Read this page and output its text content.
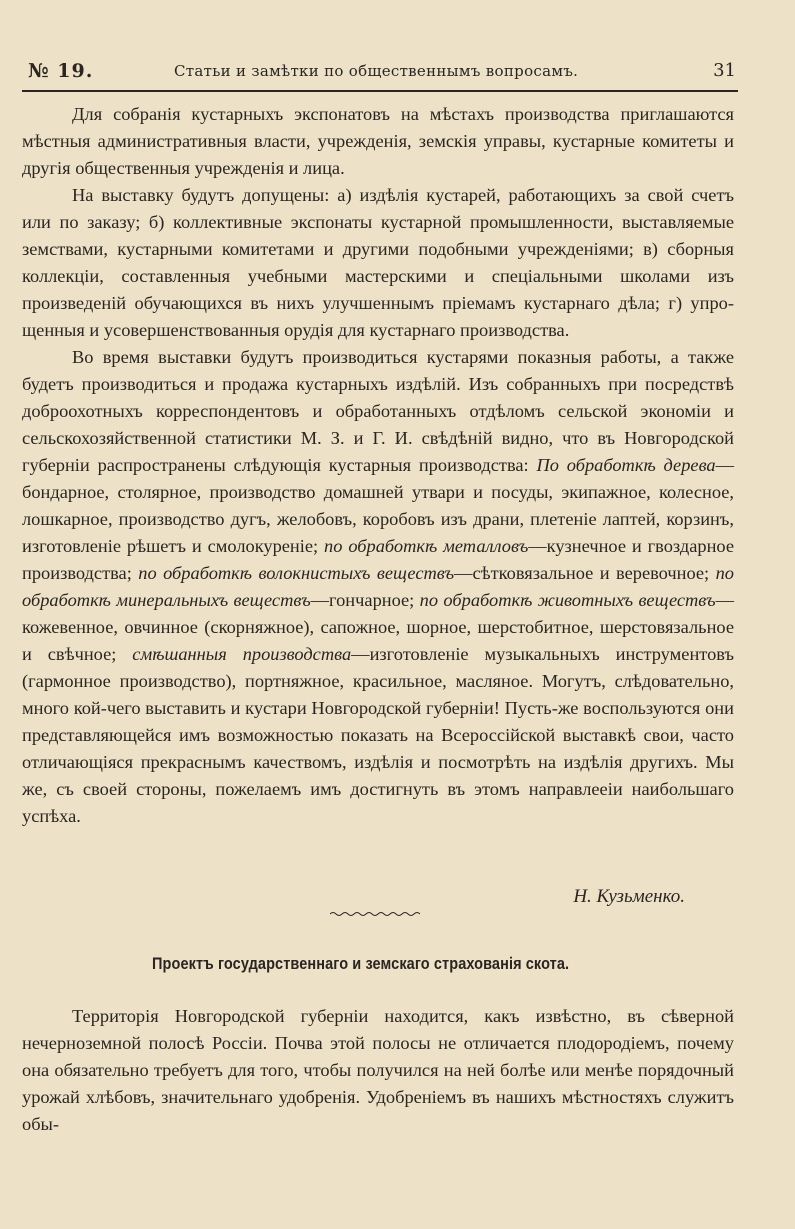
№ 19.	Статьи и замѣтки по общественнымъ вопросамъ.	31

Для собранія кустарныхъ экспонатовъ на мѣстахъ производства приглашаются мѣстныя административныя власти, учрежденія, земскія управы, кустарные комитеты и другія общественныя учрежденія и лица.

На выставку будутъ допущены: а) издѣлія кустарей, работающихъ за свой счетъ или по заказу; б) коллективные экспонаты кустарной промышленности, выставляемые земствами, кустарными комитетами и другими подобными учрежденіями; в) сборныя коллекціи, составленныя учебными мастерскими и спеціальными школами изъ произведеній обучающихся въ нихъ улучшеннымъ пріемамъ кустарнаго дѣла; г) упрощенныя и усовершенствованныя орудія для кустарнаго производства.

Во время выставки будутъ производиться кустарями показныя работы, а также будетъ производиться и продажа кустарныхъ издѣлій. Изъ собранныхъ при посредствѣ доброохотныхъ корреспондентовъ и обработанныхъ отдѣломъ сельской экономіи и сельскохозяйственной статистики М. З. и Г. И. свѣдѣній видно, что въ Новгородской губерніи распространены слѣдующія кустарныя производства: По обработкѣ дерева—бондарное, столярное, производство домашней утвари и посуды, экипажное, колесное, лошкарное, производство дугъ, желобовъ, коробовъ изъ драни, плетеніе лаптей, корзинъ, изготовленіе рѣшетъ и смолокуреніе; по обработкѣ металловъ—кузнечное и гвоздарное производства; по обработкѣ волокнистыхъ веществъ—сѣтковязальное и веревочное; по обработкѣ минеральныхъ веществъ—гончарное; по обработкѣ животныхъ веществъ—кожевенное, овчинное (скорняжное), сапожное, шорное, шерстобитное, шерстовязальное и свѣчное; смѣшанныя производства—изготовленіе музыкальныхъ инструментовъ (гармонное производство), портняжное, красильное, масляное. Могутъ, слѣдовательно, много кой-чего выставить и кустари Новгородской губерніи! Пусть-же воспользуются они представляющейся имъ возможностью показать на Всероссійской выставкѣ свои, часто отличающіяся прекраснымъ качествомъ, издѣлія и посмотрѣть на издѣлія другихъ. Мы же, съ своей стороны, пожелаемъ имъ достигнуть въ этомъ направлееіи наибольшаго успѣха.

Н. Кузьменко.
Проектъ государственнаго и земскаго страхованія скота.

Территорія Новгородской губерніи находится, какъ извѣстно, въ сѣверной нечерноземной полосѣ Россіи. Почва этой полосы не отличается плодородіемъ, почему она обязательно требуетъ для того, чтобы получился на ней болѣе или менѣе порядочный урожай хлѣбовъ, значительнаго удобренія. Удобреніемъ въ нашихъ мѣстностяхъ служитъ обы-
